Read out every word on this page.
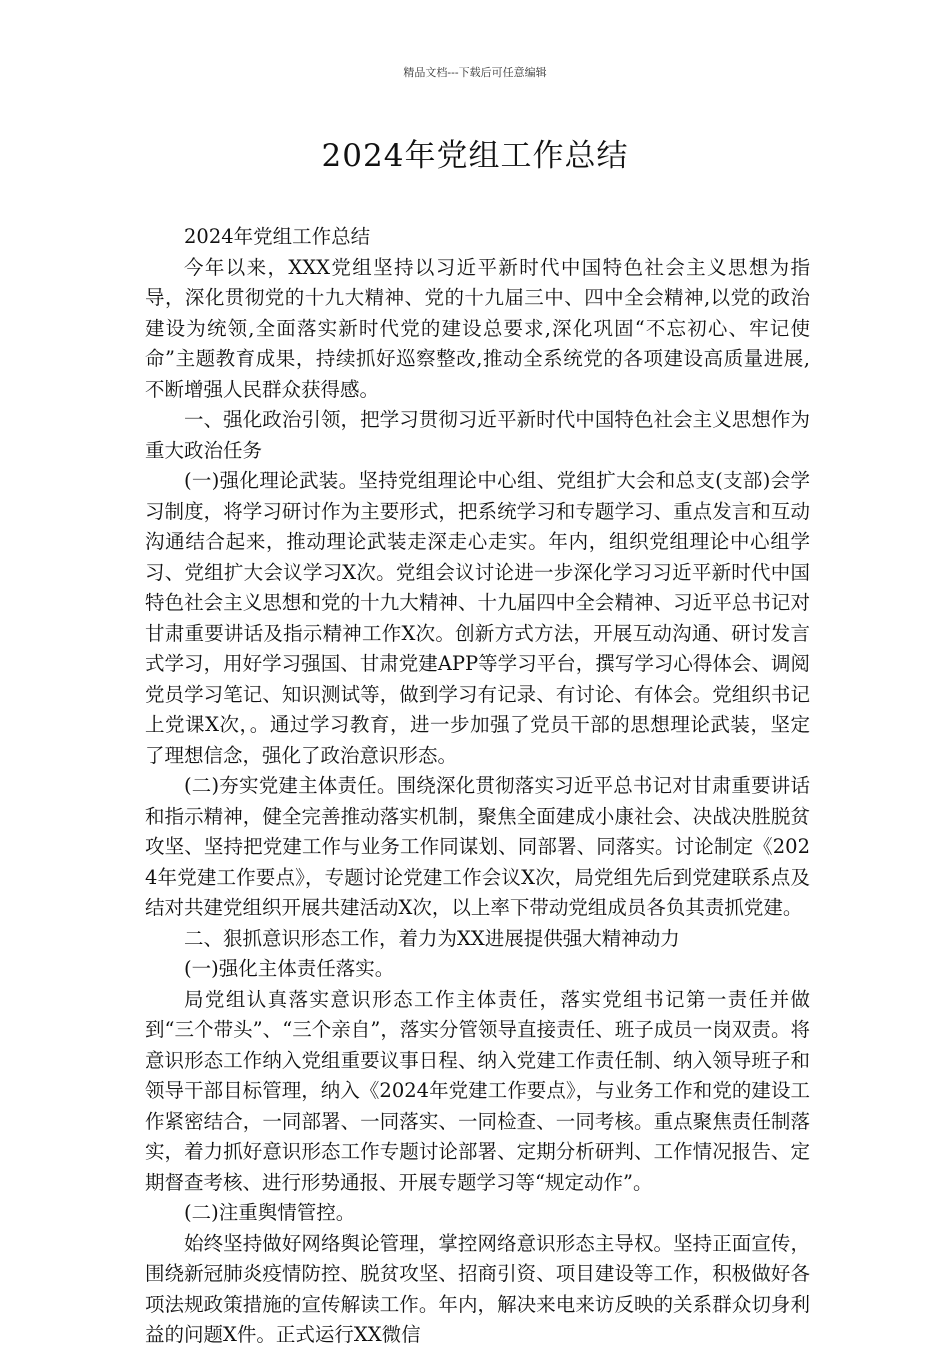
精品文档---下载后可任意编辑
2024年党组工作总结

2024年党组工作总结

今年以来，XXX党组坚持以习近平新时代中国特色社会主义思想为指导，深化贯彻党的十九大精神、党的十九届三中、四中全会精神,以党的政治建设为统领,全面落实新时代党的建设总要求,深化巩固“不忘初心、牢记使命”主题教育成果，持续抓好巡察整改,推动全系统党的各项建设高质量进展,不断增强人民群众获得感。

一、强化政治引领，把学习贯彻习近平新时代中国特色社会主义思想作为重大政治任务

(一)强化理论武装。坚持党组理论中心组、党组扩大会和总支(支部)会学习制度，将学习研讨作为主要形式，把系统学习和专题学习、重点发言和互动沟通结合起来，推动理论武装走深走心走实。年内，组织党组理论中心组学习、党组扩大会议学习X次。党组会议讨论进一步深化学习习近平新时代中国特色社会主义思想和党的十九大精神、十九届四中全会精神、习近平总书记对甘肃重要讲话及指示精神工作X次。创新方式方法，开展互动沟通、研讨发言式学习，用好学习强国、甘肃党建APP等学习平台，撰写学习心得体会、调阅党员学习笔记、知识测试等，做到学习有记录、有讨论、有体会。党组织书记上党课X次，。通过学习教育，进一步加强了党员干部的思想理论武装，坚定了理想信念，强化了政治意识形态。

(二)夯实党建主体责任。围绕深化贯彻落实习近平总书记对甘肃重要讲话和指示精神，健全完善推动落实机制，聚焦全面建成小康社会、决战决胜脱贫攻坚、坚持把党建工作与业务工作同谋划、同部署、同落实。讨论制定《2024年党建工作要点》，专题讨论党建工作会议X次，局党组先后到党建联系点及结对共建党组织开展共建活动X次，以上率下带动党组成员各负其责抓党建。

二、狠抓意识形态工作，着力为XX进展提供强大精神动力

(一)强化主体责任落实。

局党组认真落实意识形态工作主体责任，落实党组书记第一责任并做到“三个带头”、“三个亲自”，落实分管领导直接责任、班子成员一岗双责。将意识形态工作纳入党组重要议事日程、纳入党建工作责任制、纳入领导班子和领导干部目标管理，纳入《2024年党建工作要点》，与业务工作和党的建设工作紧密结合，一同部署、一同落实、一同检查、一同考核。重点聚焦责任制落实，着力抓好意识形态工作专题讨论部署、定期分析研判、工作情况报告、定期督查考核、进行形势通报、开展专题学习等“规定动作”。

(二)注重舆情管控。

始终坚持做好网络舆论管理，掌控网络意识形态主导权。坚持正面宣传，围绕新冠肺炎疫情防控、脱贫攻坚、招商引资、项目建设等工作，积极做好各项法规政策措施的宣传解读工作。年内，解决来电来访反映的关系群众切身利益的问题X件。正式运行XX微信
